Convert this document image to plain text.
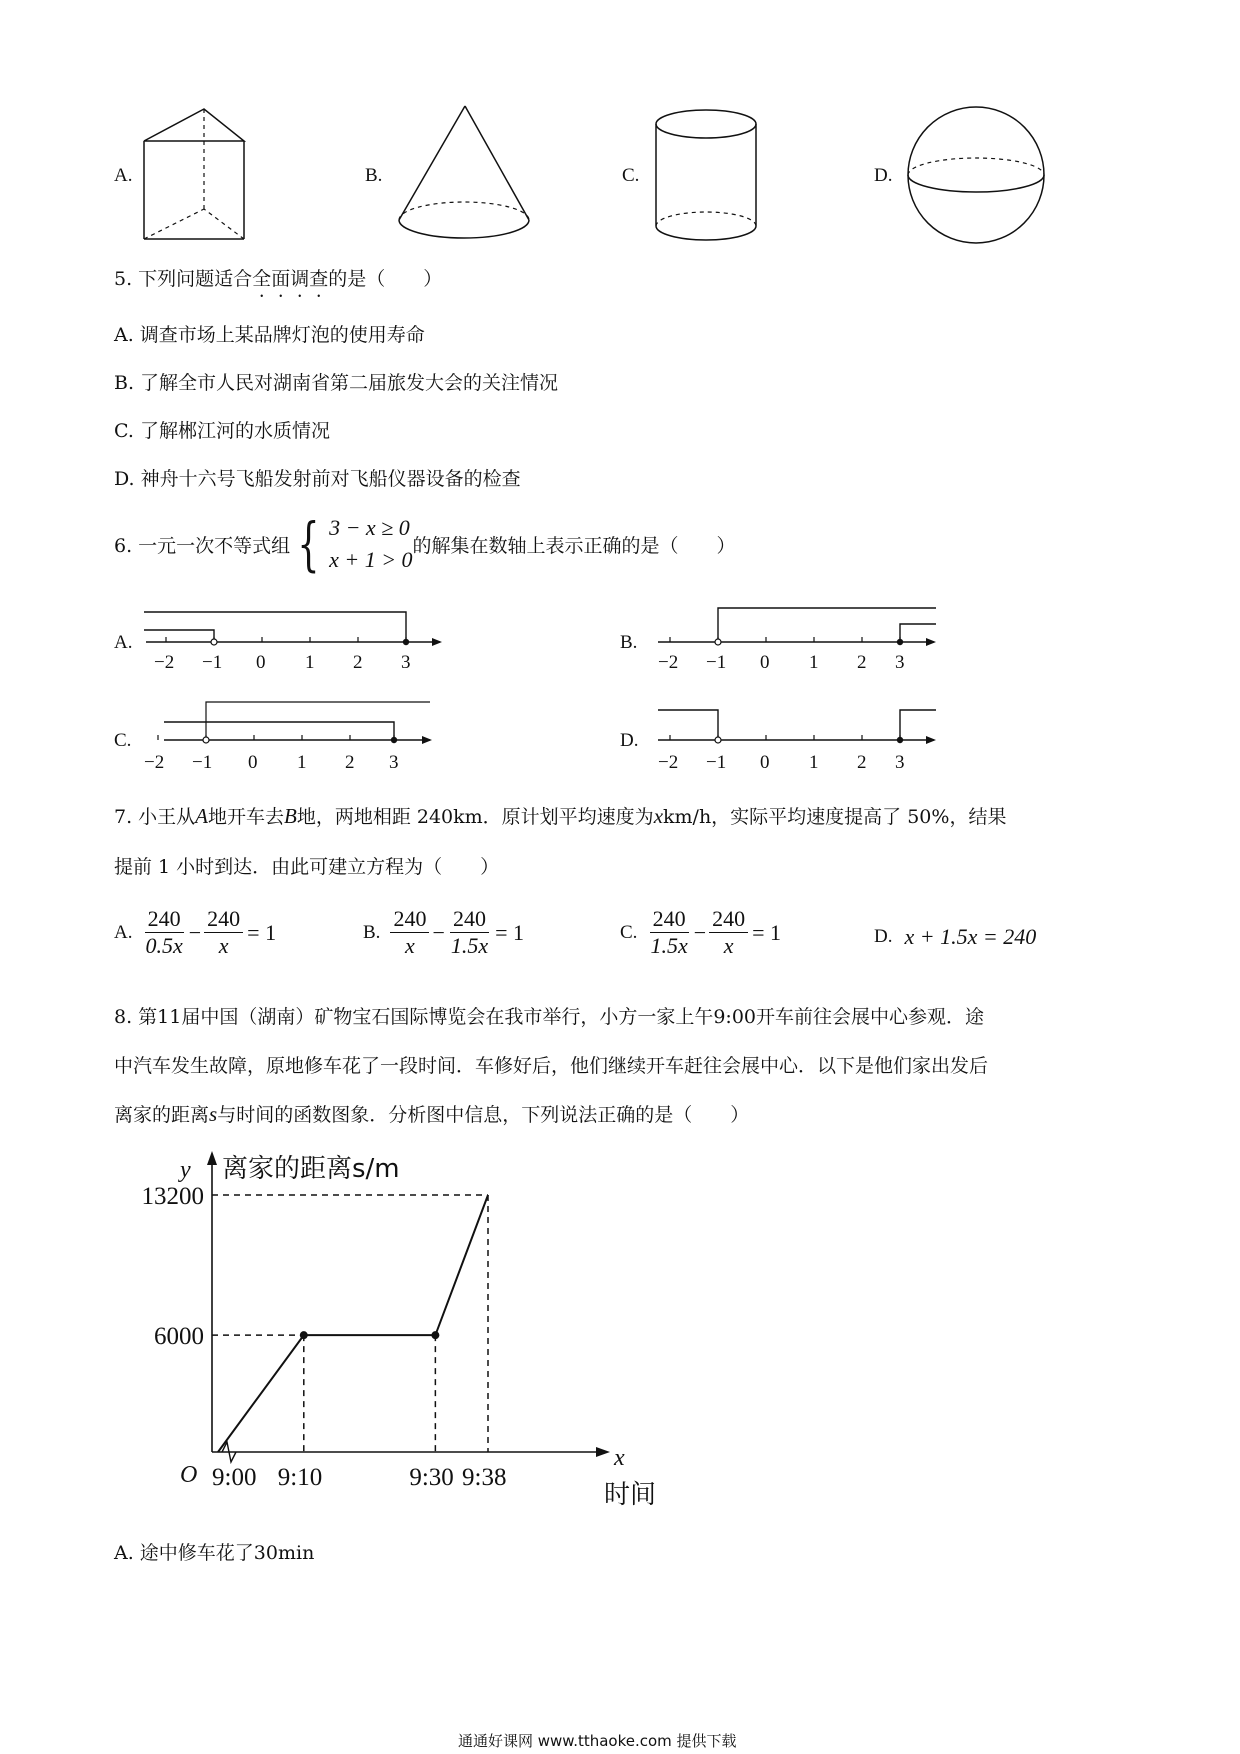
A.	B.	C.	D.
5. 下列问题适合全面调查的是（　　）
A. 调查市场上某品牌灯泡的使用寿命
B. 了解全市人民对湖南省第二届旅发大会的关注情况
C. 了解郴江河的水质情况
D. 神舟十六号飞船发射前对飞船仪器设备的检查
6. 一元一次不等式组 { 3 − x ≥ 0
x + 1 > 0
的解集在数轴上表示正确的是（　　）
A.
−2 −1 0 1 2 3
B.
−2 −1 0 1 2 3
C.
−2 −1 0 1 2 3
D.
−2 −1 0 1 2 3
7. 小王从A地开车去B地，两地相距 240km．原计划平均速度为xkm/h，实际平均速度提高了 50%，结果
提前 1 小时到达．由此可建立方程为（　　）
A. $\frac{240}{0.5x} - \frac{240}{x} = 1$	B. $\frac{240}{x} - \frac{240}{1.5x} = 1$	C. $\frac{240}{1.5x} - \frac{240}{x} = 1$	D. x + 1.5x = 240
8. 第11届中国（湖南）矿物宝石国际博览会在我市举行，小方一家上午9:00开车前往会展中心参观．途
中汽车发生故障，原地修车花了一段时间．车修好后，他们继续开车赶往会展中心．以下是他们家出发后
离家的距离s与时间的函数图象．分析图中信息，下列说法正确的是（　　）
9:00 9:10	9:30 9:38
6000
13200
y 离家的距离s/m
O
x
时间
A. 途中修车花了30min
通通好课网 www.tthaoke.com 提供下载
